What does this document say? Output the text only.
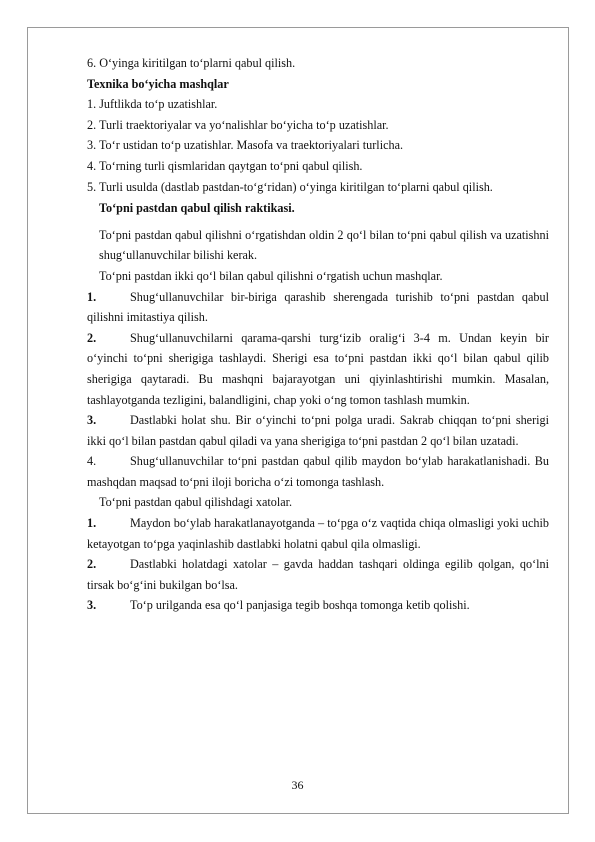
6. O‘yinga kiritilgan to‘plarni qabul qilish.

Texnika bo‘yicha mashqlar

1. Juftlikda to‘p uzatishlar.

2. Turli traektoriyalar va yo‘nalishlar bo‘yicha to‘p uzatishlar.

3. To‘r ustidan to‘p uzatishlar. Masofa va traektoriyalari turlicha.

4. To‘rning turli qismlaridan qaytgan to‘pni qabul qilish.

5. Turli usulda (dastlab pastdan-to‘g‘ridan) o‘yinga kiritilgan to‘plarni qabul qilish.

To‘pni pastdan qabul qilish raktikasi.

To‘pni pastdan qabul qilishni o‘rgatishdan oldin 2 qo‘l bilan to‘pni qabul qilish va uzatishni shug‘ullanuvchilar bilishi kerak.

To‘pni pastdan ikki qo‘l bilan qabul qilishni o‘rgatish uchun mashqlar.

1.	Shug‘ullanuvchilar bir-biriga qarashib sherengada turishib to‘pni pastdan qabul qilishni imitastiya qilish.

2.	Shug‘ullanuvchilarni qarama-qarshi turg‘izib oralig‘i 3-4 m. Undan keyin bir o‘yinchi to‘pni sherigiga tashlaydi. Sherigi esa to‘pni pastdan ikki qo‘l bilan qabul qilib sherigiga qaytaradi. Bu mashqni bajarayotgan uni qiyinlashtirishi mumkin. Masalan, tashlayotganda tezligini, balandligini, chap yoki o‘ng tomon tashlash mumkin.

3.	Dastlabki holat shu. Bir o‘yinchi to‘pni polga uradi. Sakrab chiqqan to‘pni sherigi ikki qo‘l bilan pastdan qabul qiladi va yana sherigiga to‘pni pastdan 2 qo‘l bilan uzatadi.

4.	Shug‘ullanuvchilar to‘pni pastdan qabul qilib maydon bo‘ylab harakatlanishadi. Bu mashqdan maqsad to‘pni iloji boricha o‘zi tomonga tashlash.

To‘pni pastdan qabul qilishdagi xatolar.

1.	Maydon bo‘ylab harakatlanayotganda – to‘pga o‘z vaqtida chiqa olmasligi yoki uchib ketayotgan to‘pga yaqinlashib dastlabki holatni qabul qila olmasligi.

2.	Dastlabki holatdagi xatolar – gavda haddan tashqari oldinga egilib qolgan, qo‘lni tirsak bo‘g‘ini bukilgan bo‘lsa.

3.	To‘p urilganda esa qo‘l panjasiga tegib boshqa tomonga ketib qolishi.

36
